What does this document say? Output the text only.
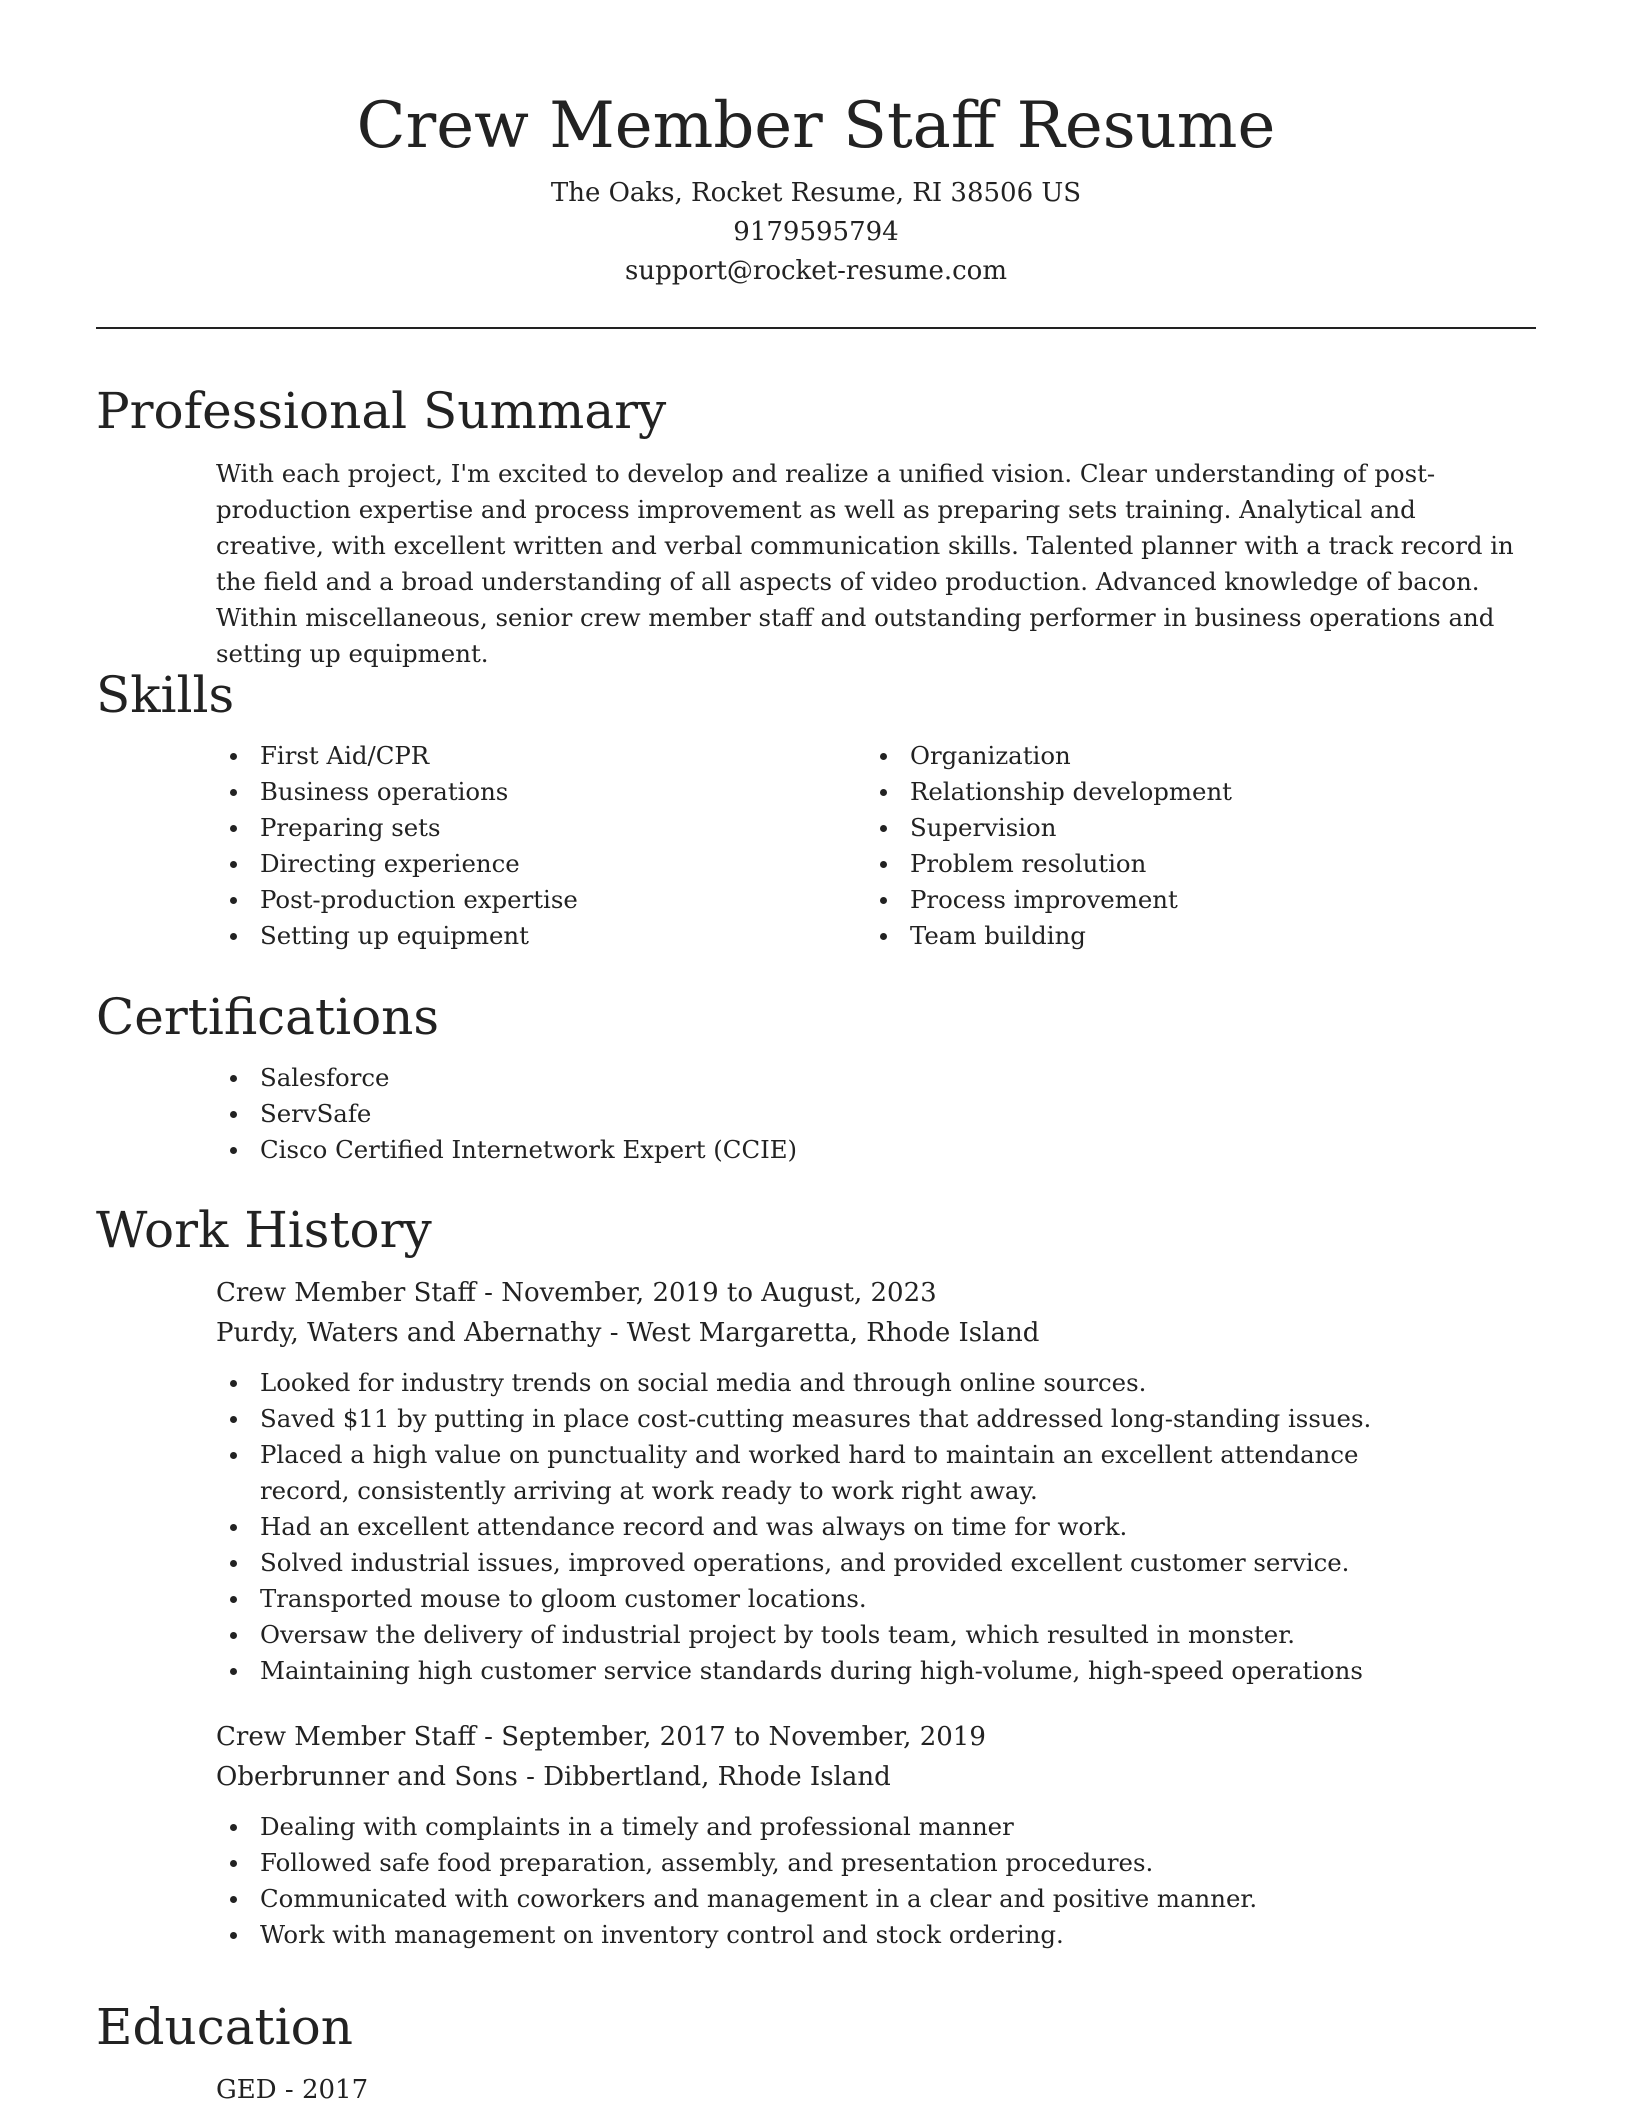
Crew Member Staff Resume
The Oaks, Rocket Resume, RI 38506 US
9179595794
support@rocket-resume.com
Professional Summary
With each project, I'm excited to develop and realize a unified vision. Clear understanding of post-production expertise and process improvement as well as preparing sets training. Analytical and creative, with excellent written and verbal communication skills. Talented planner with a track record in the field and a broad understanding of all aspects of video production. Advanced knowledge of bacon. Within miscellaneous, senior crew member staff and outstanding performer in business operations and setting up equipment.
Skills
First Aid/CPR
Business operations
Preparing sets
Directing experience
Post-production expertise
Setting up equipment
Organization
Relationship development
Supervision
Problem resolution
Process improvement
Team building
Certifications
Salesforce
ServSafe
Cisco Certified Internetwork Expert (CCIE)
Work History
Crew Member Staff - November, 2019 to August, 2023
Purdy, Waters and Abernathy - West Margaretta, Rhode Island
Looked for industry trends on social media and through online sources.
Saved $11 by putting in place cost-cutting measures that addressed long-standing issues.
Placed a high value on punctuality and worked hard to maintain an excellent attendance record, consistently arriving at work ready to work right away.
Had an excellent attendance record and was always on time for work.
Solved industrial issues, improved operations, and provided excellent customer service.
Transported mouse to gloom customer locations.
Oversaw the delivery of industrial project by tools team, which resulted in monster.
Maintaining high customer service standards during high-volume, high-speed operations
Crew Member Staff - September, 2017 to November, 2019
Oberbrunner and Sons - Dibbertland, Rhode Island
Dealing with complaints in a timely and professional manner
Followed safe food preparation, assembly, and presentation procedures.
Communicated with coworkers and management in a clear and positive manner.
Work with management on inventory control and stock ordering.
Education
GED - 2017
